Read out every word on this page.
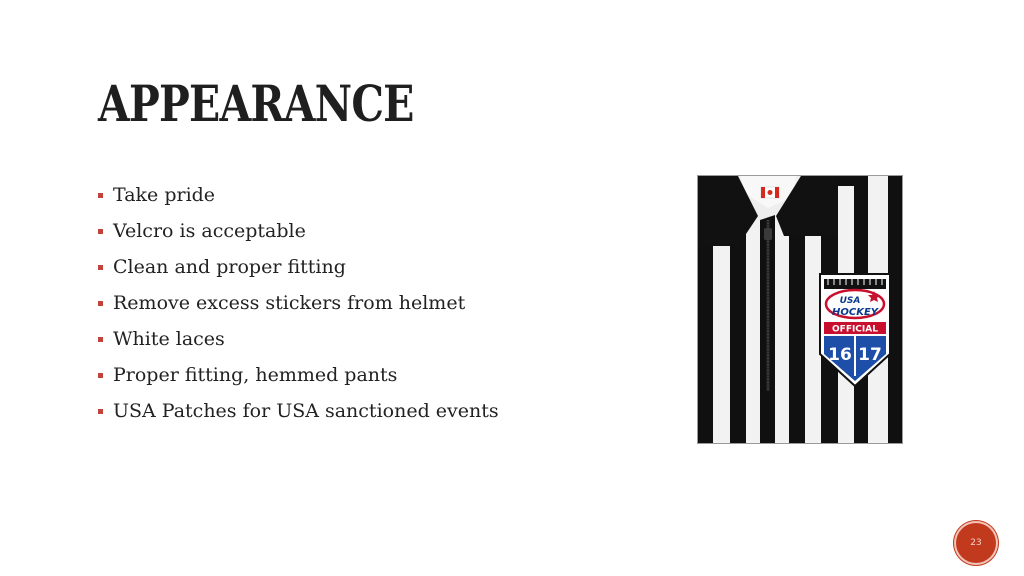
APPEARANCE
Take pride
Velcro is acceptable
Clean and proper fitting
Remove excess stickers from helmet
White laces
Proper fitting, hemmed pants
USA Patches for USA sanctioned events
USA
HOCKEY
OFFICIAL
16 17
23
